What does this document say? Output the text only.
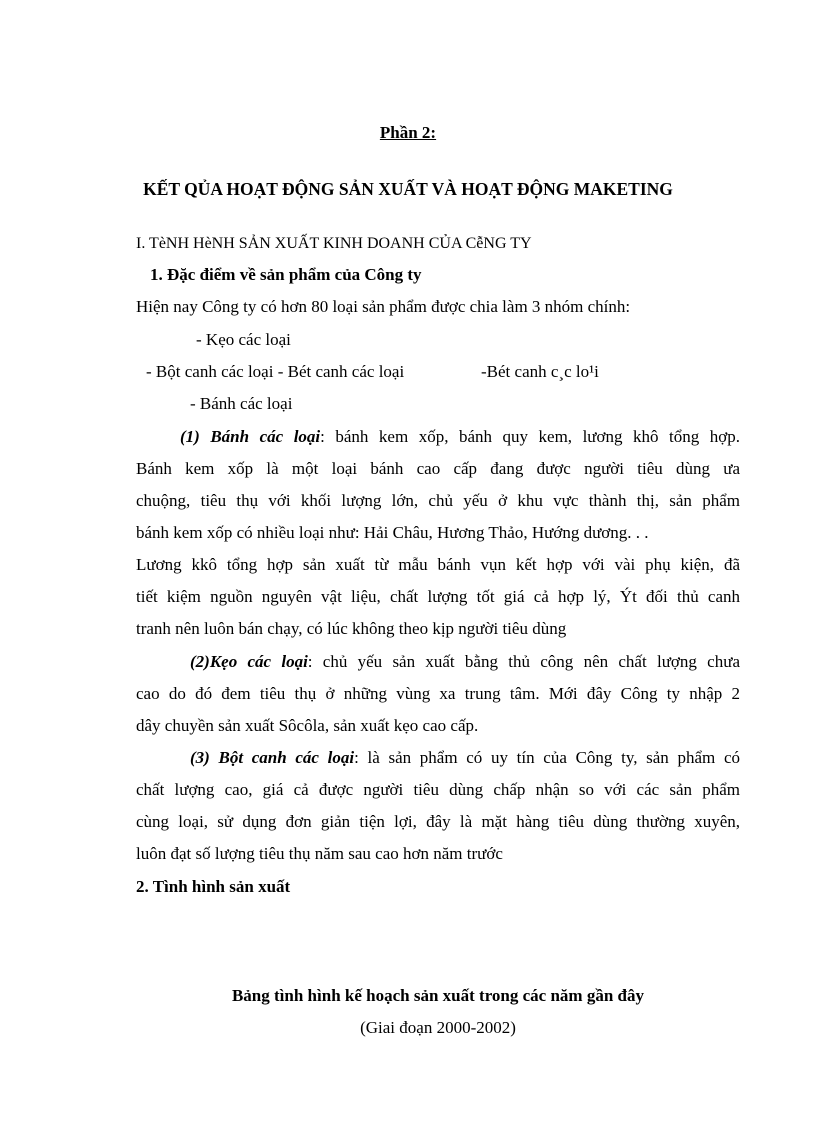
Phần 2:
KẾT QỦA HOẠT ĐỘNG SẢN XUẤT VÀ HOẠT ĐỘNG MAKETING
I. TèNH HèNH SẢN XUẤT KINH DOANH CỦA CễNG TY
1. Đặc điểm về sản phẩm của Công ty
Hiện nay Công ty có hơn 80 loại sản phẩm được chia làm 3 nhóm chính:
- Kẹo các loại
- Bột canh các loại - Bét canh các loại	-Bét canh c¸c lo¹i
- Bánh các loại
(1) Bánh các loại: bánh kem xốp, bánh quy kem, lương khô tổng hợp.
Bánh kem xốp là một loại bánh cao cấp đang được người tiêu dùng ưa
chuộng, tiêu thụ với khối lượng lớn, chủ yếu ở khu vực thành thị, sản phẩm
bánh kem xốp có nhiều loại như: Hải Châu, Hương Thảo, Hướng dương. . .
Lương kkô tổng hợp sản xuất từ mẫu bánh vụn kết hợp với vài phụ kiện, đã
tiết kiệm nguồn nguyên vật liệu, chất lượng tốt giá cả hợp lý, Ýt đối thủ canh
tranh nên luôn bán chạy, có lúc không theo kịp người tiêu dùng
(2)Kẹo các loại: chủ yếu sản xuất bằng thủ công nên chất lượng chưa
cao do đó đem tiêu thụ ở những vùng xa trung tâm. Mới đây Công ty nhập 2
dây chuyền sản xuất Sôcôla, sản xuất kẹo cao cấp.
(3) Bột canh các loại: là sản phẩm có uy tín của Công ty, sản phẩm có
chất lượng cao, giá cả được người tiêu dùng chấp nhận so với các sản phẩm
cùng loại, sử dụng đơn giản tiện lợi, đây là mặt hàng tiêu dùng thường xuyên,
luôn đạt số lượng tiêu thụ năm sau cao hơn năm trước
2. Tình hình sản xuất
Bảng tình hình kế hoạch sản xuất trong các năm gần đây
(Giai đoạn 2000-2002)
